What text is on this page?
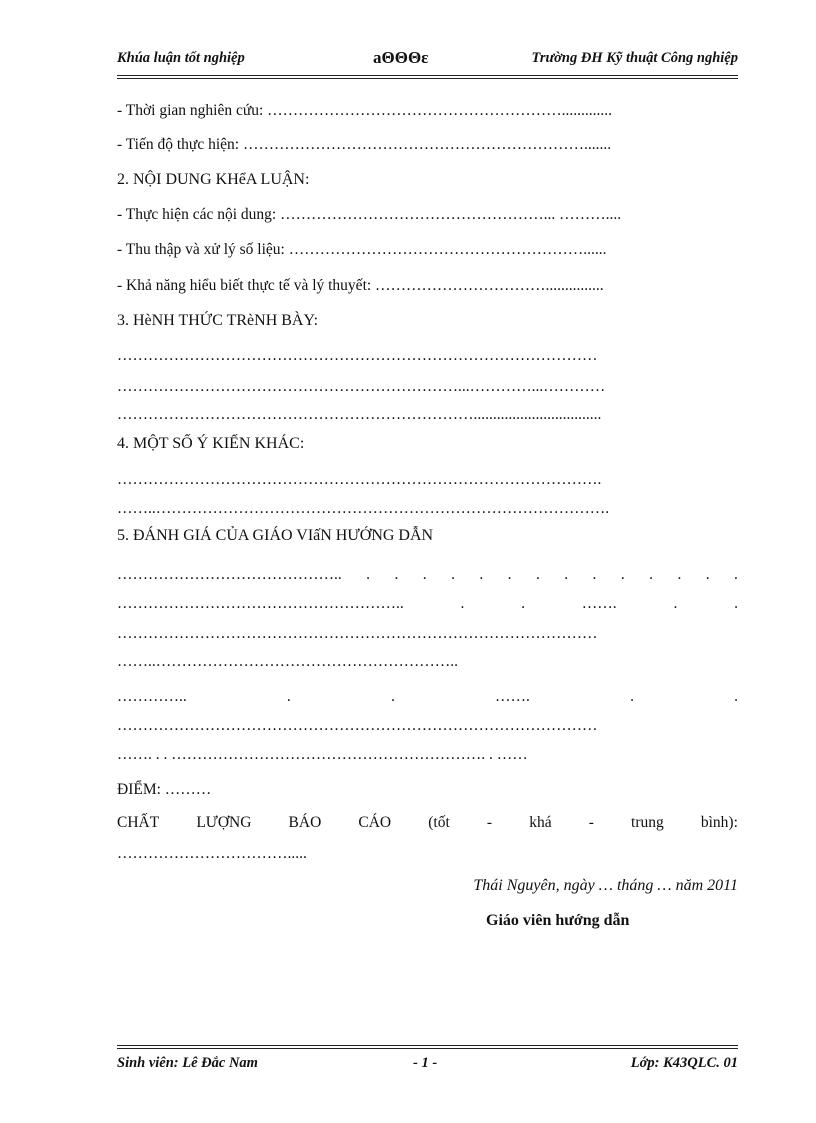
Khúa luận tốt nghiệp	aΘΘΘε	Trường ĐH Kỹ thuật Công nghiệp
- Thời gian nghiên cứu: ………………………………………………….............
- Tiến độ thực hiện: ………………………………………………………….......
2. NỘI DUNG KHểA LUẬN:
- Thực hiện các nội dung: ……………………………………………... ………....
- Thu thập và xử lý số liệu: …………………………………………………......
- Khả năng hiểu biết thực tế và lý thuyết: ……………………………...............
3. HèNH THỨC TRèNH BÀY:
…………………………………………………………………………………
…………………………………………………………...…………...…………
…………………………………………………………….................................
4. MỘT SỐ Ý KIẾN KHÁC:
………………………………………………………………………………….
……..…………………………………………………………………………….
5. ĐÁNH GIÁ CỦA GIÁO VIấN HƯỚNG DẪN
…………………………………….. . . . . . . . . . . . . . .
………………………………………………..	.	.	…….	.	.
…………………………………………………………………………………
……..…………………………………………………..
…………..	.	.	…….	.	.
…………………………………………………………………………………
……. . . ……………………………………………………. . ……
ĐIỂM: ………
CHẤT LƯỢNG BÁO CÁO (tốt - khá - trung bình):
…………………………….....
Thái Nguyên, ngày … tháng … năm 2011
Giáo viên hướng dẫn
Sinh viên: Lê Đắc Nam	- 1 -	Lớp: K43QLC. 01
